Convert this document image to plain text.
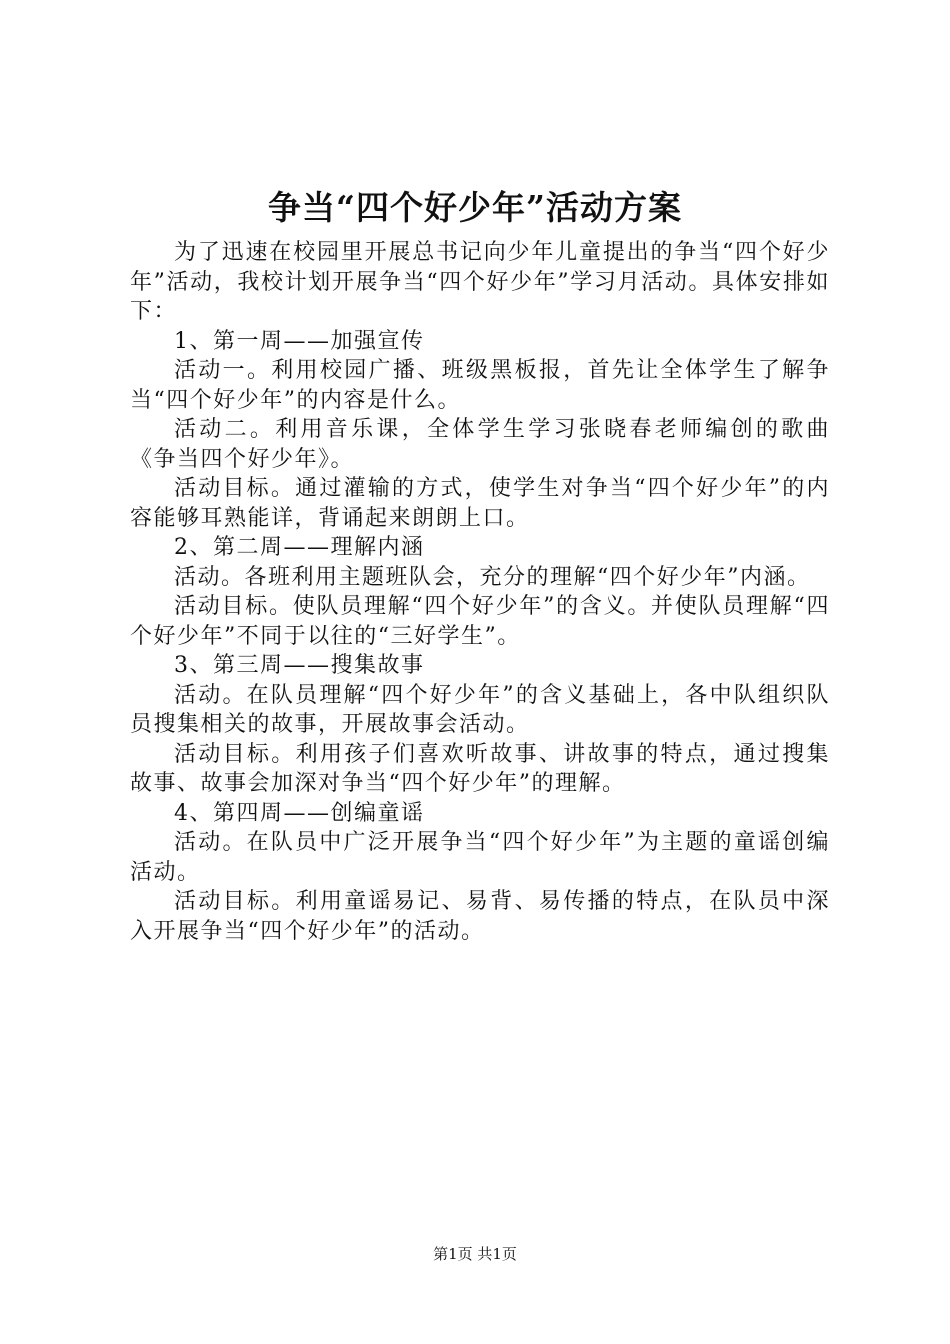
争当“四个好少年”活动方案

为了迅速在校园里开展总书记向少年儿童提出的争当“四个好少年”活动，我校计划开展争当“四个好少年”学习月活动。具体安排如下：

1、第一周——加强宣传

活动一。利用校园广播、班级黑板报，首先让全体学生了解争当“四个好少年”的内容是什么。

活动二。利用音乐课，全体学生学习张晓春老师编创的歌曲《争当四个好少年》。

活动目标。通过灌输的方式，使学生对争当“四个好少年”的内容能够耳熟能详，背诵起来朗朗上口。

2、第二周——理解内涵

活动。各班利用主题班队会，充分的理解“四个好少年”内涵。

活动目标。使队员理解“四个好少年”的含义。并使队员理解“四个好少年”不同于以往的“三好学生”。

3、第三周——搜集故事

活动。在队员理解“四个好少年”的含义基础上，各中队组织队员搜集相关的故事，开展故事会活动。

活动目标。利用孩子们喜欢听故事、讲故事的特点，通过搜集故事、故事会加深对争当“四个好少年”的理解。

4、第四周——创编童谣

活动。在队员中广泛开展争当“四个好少年”为主题的童谣创编活动。

活动目标。利用童谣易记、易背、易传播的特点，在队员中深入开展争当“四个好少年”的活动。

第1页 共1页
